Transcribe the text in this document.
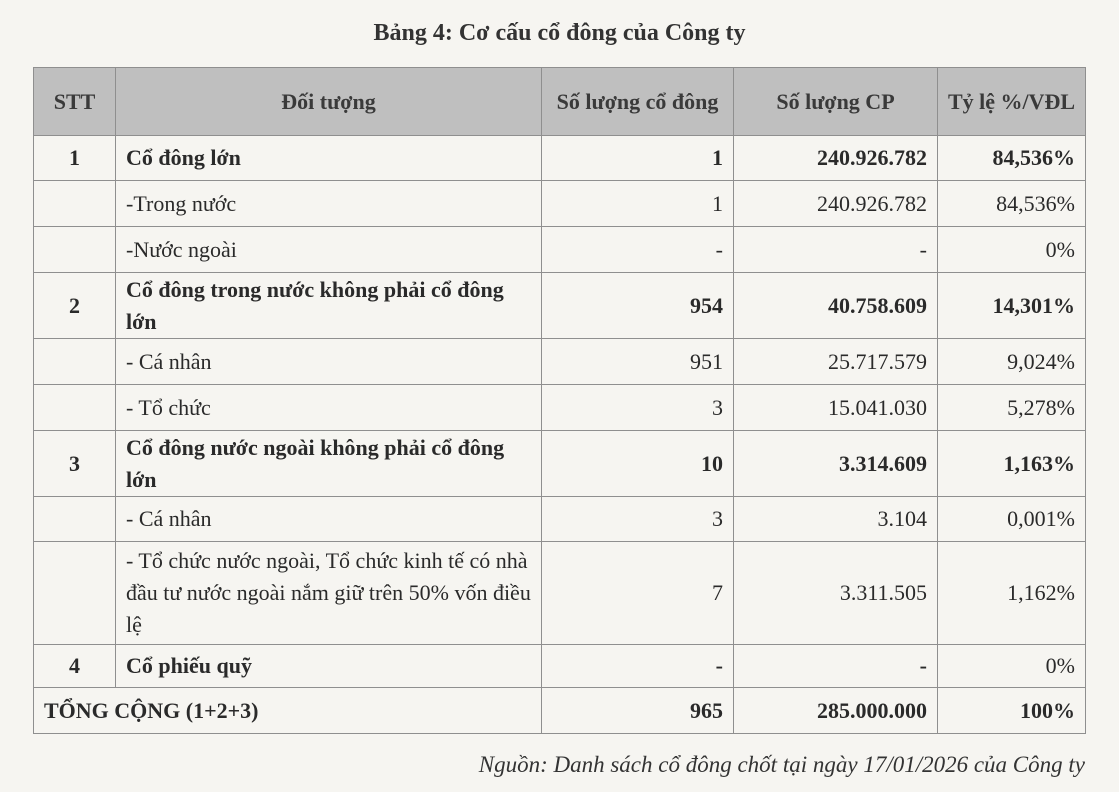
Bảng 4: Cơ cấu cổ đông của Công ty
STT	Đối tượng	Số lượng cổ đông	Số lượng CP	Tỷ lệ %/VĐL
1	Cổ đông lớn	1	240.926.782	84,536%
	-Trong nước	1	240.926.782	84,536%
	-Nước ngoài	-	-	0%
2	Cổ đông trong nước không phải cổ đông lớn	954	40.758.609	14,301%
	- Cá nhân	951	25.717.579	9,024%
	- Tổ chức	3	15.041.030	5,278%
3	Cổ đông nước ngoài không phải cổ đông lớn	10	3.314.609	1,163%
	- Cá nhân	3	3.104	0,001%
	- Tổ chức nước ngoài, Tổ chức kinh tế có nhà đầu tư nước ngoài nắm giữ trên 50% vốn điều lệ	7	3.311.505	1,162%
4	Cổ phiếu quỹ	-	-	0%
TỔNG CỘNG (1+2+3)		965	285.000.000	100%
Nguồn: Danh sách cổ đông chốt tại ngày 17/01/2026 của Công ty
